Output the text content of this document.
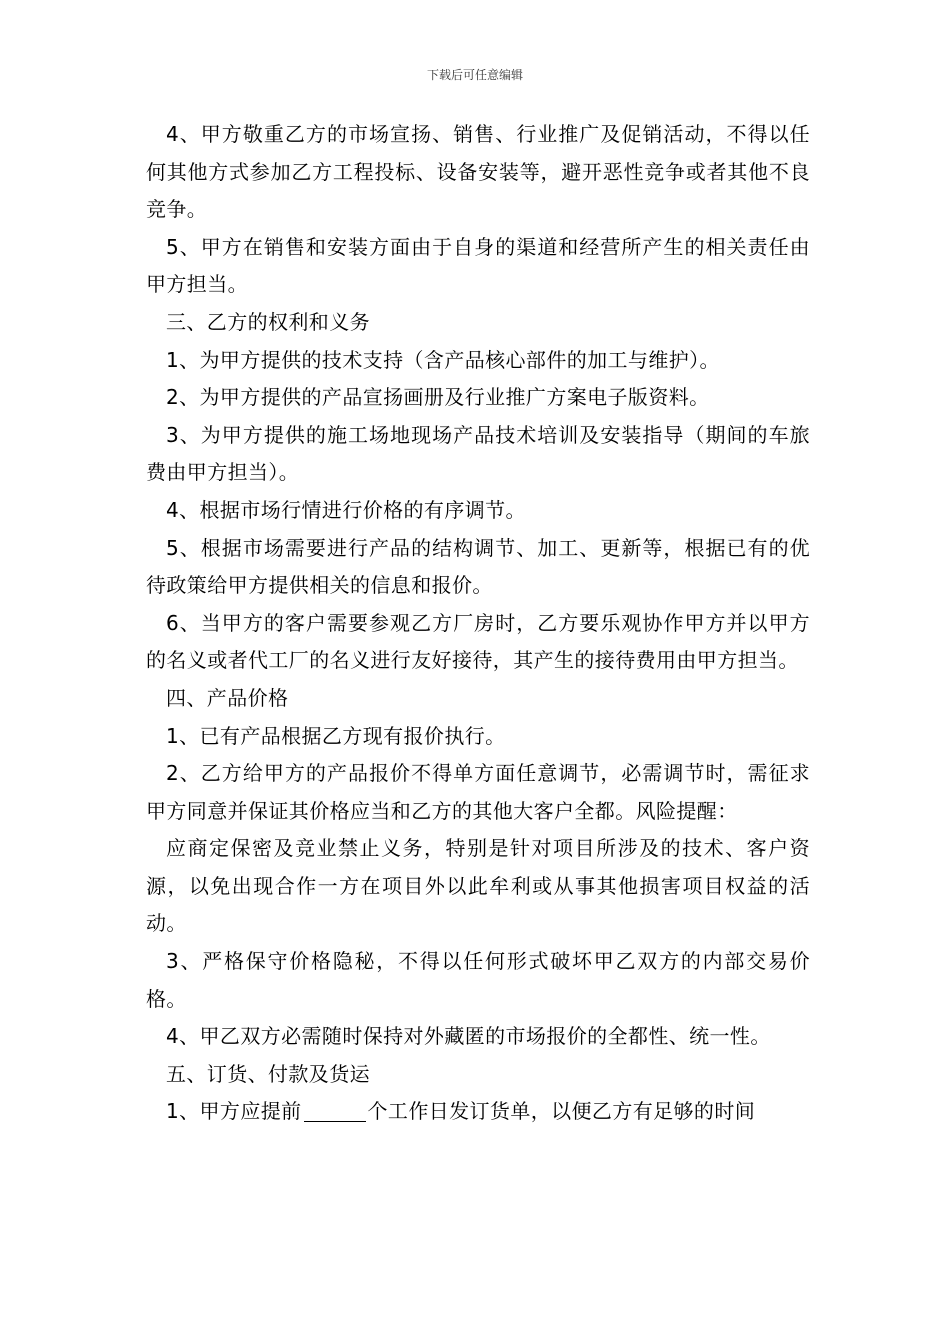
下载后可任意编辑

4、甲方敬重乙方的市场宣扬、销售、行业推广及促销活动，不得以任何其他方式参加乙方工程投标、设备安装等，避开恶性竞争或者其他不良竞争。

5、甲方在销售和安装方面由于自身的渠道和经营所产生的相关责任由甲方担当。

三、乙方的权利和义务

1、为甲方提供的技术支持（含产品核心部件的加工与维护）。

2、为甲方提供的产品宣扬画册及行业推广方案电子版资料。

3、为甲方提供的施工场地现场产品技术培训及安装指导（期间的车旅费由甲方担当）。

4、根据市场行情进行价格的有序调节。

5、根据市场需要进行产品的结构调节、加工、更新等，根据已有的优待政策给甲方提供相关的信息和报价。

6、当甲方的客户需要参观乙方厂房时，乙方要乐观协作甲方并以甲方的名义或者代工厂的名义进行友好接待，其产生的接待费用由甲方担当。

四、产品价格

1、已有产品根据乙方现有报价执行。

2、乙方给甲方的产品报价不得单方面任意调节，必需调节时，需征求甲方同意并保证其价格应当和乙方的其他大客户全都。风险提醒：

应商定保密及竞业禁止义务，特别是针对项目所涉及的技术、客户资源，以免出现合作一方在项目外以此牟利或从事其他损害项目权益的活动。

3、严格保守价格隐秘，不得以任何形式破坏甲乙双方的内部交易价格。

4、甲乙双方必需随时保持对外藏匿的市场报价的全都性、统一性。

五、订货、付款及货运

1、甲方应提前	个工作日发订货单，以便乙方有足够的时间
